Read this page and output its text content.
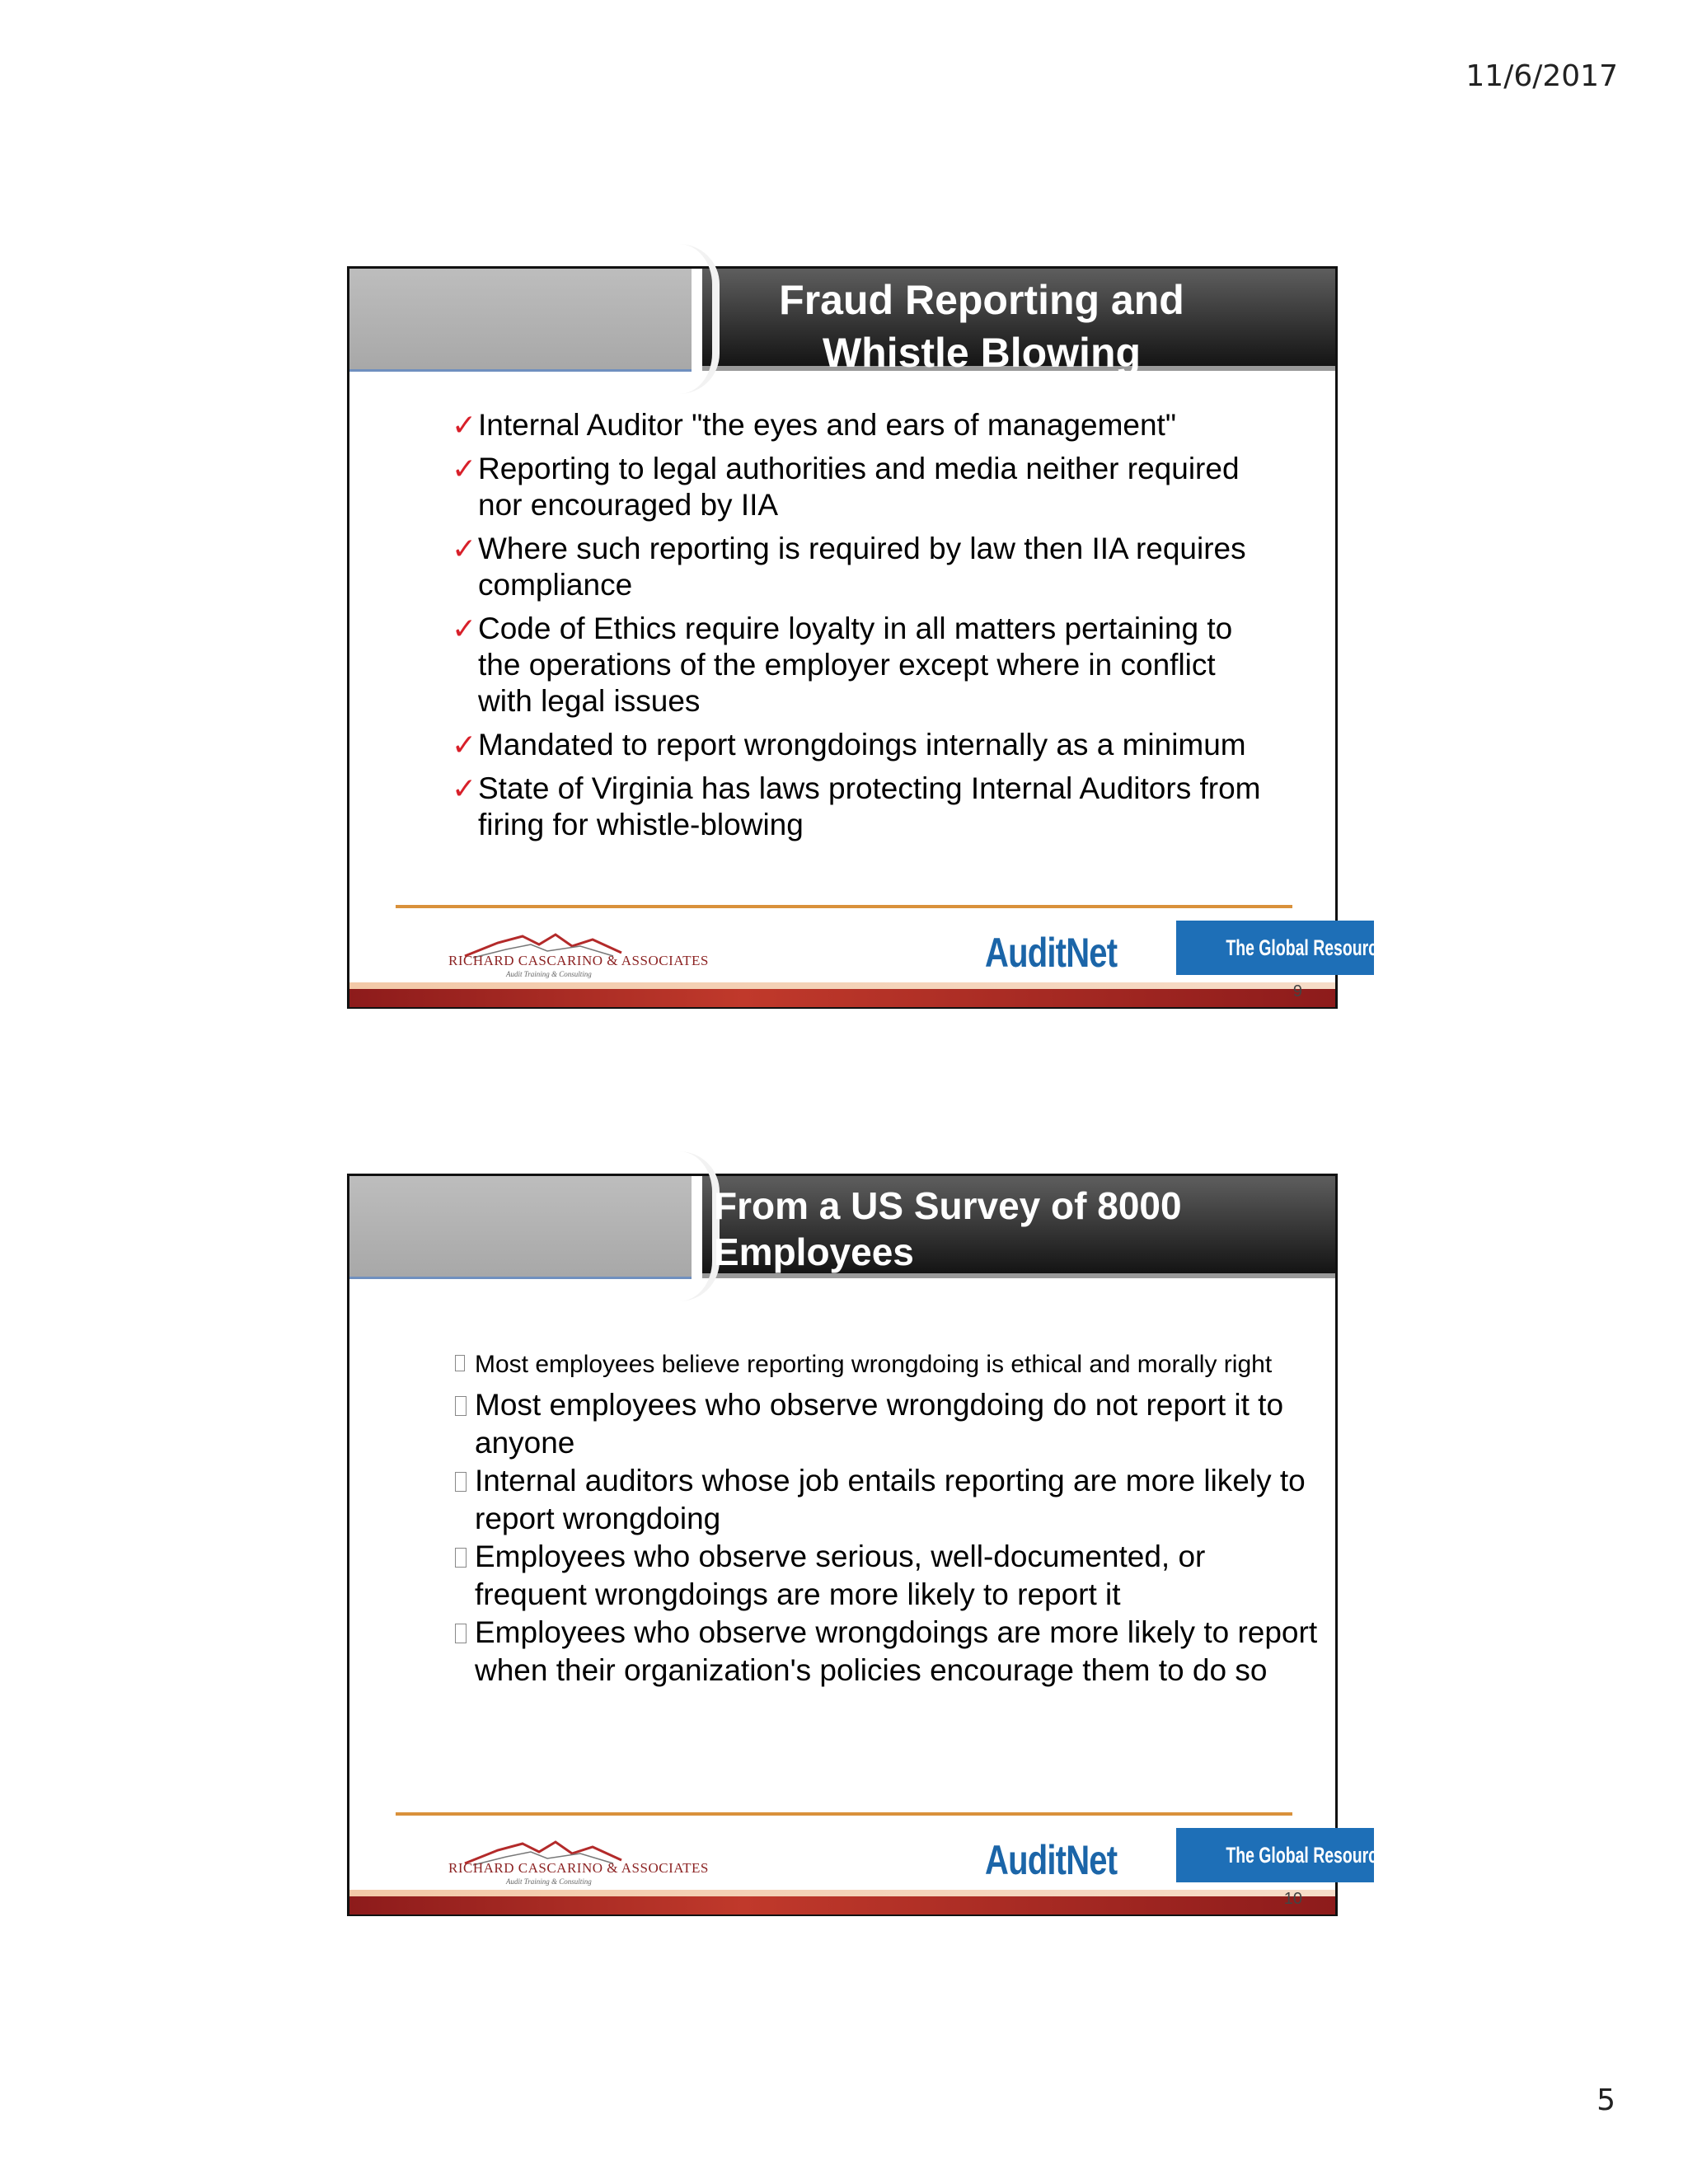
11/6/2017
Fraud Reporting and
Whistle Blowing
✓ Internal Auditor "the eyes and ears of management"
✓ Reporting to legal authorities and media neither required nor encouraged by IIA
✓ Where such reporting is required by law then IIA requires compliance
✓ Code of Ethics require loyalty in all matters pertaining to the operations of the employer except where in conflict with legal issues
✓ Mandated to report wrongdoings internally as a minimum
✓ State of Virginia has laws protecting Internal Auditors from firing for whistle-blowing
RICHARD CASCARINO & ASSOCIATES
Audit Training & Consulting	AuditNet	The Global Resource for Auditors
9
From a US Survey of 8000
Employees
Most employees believe reporting wrongdoing is ethical and morally right
Most employees who observe wrongdoing do not report it to anyone
Internal auditors whose job entails reporting are more likely to report wrongdoing
Employees who observe serious, well-documented, or frequent wrongdoings are more likely to report it
Employees who observe wrongdoings are more likely to report when their organization's policies encourage them to do so
RICHARD CASCARINO & ASSOCIATES
Audit Training & Consulting	AuditNet	The Global Resource for Auditors
10
5
